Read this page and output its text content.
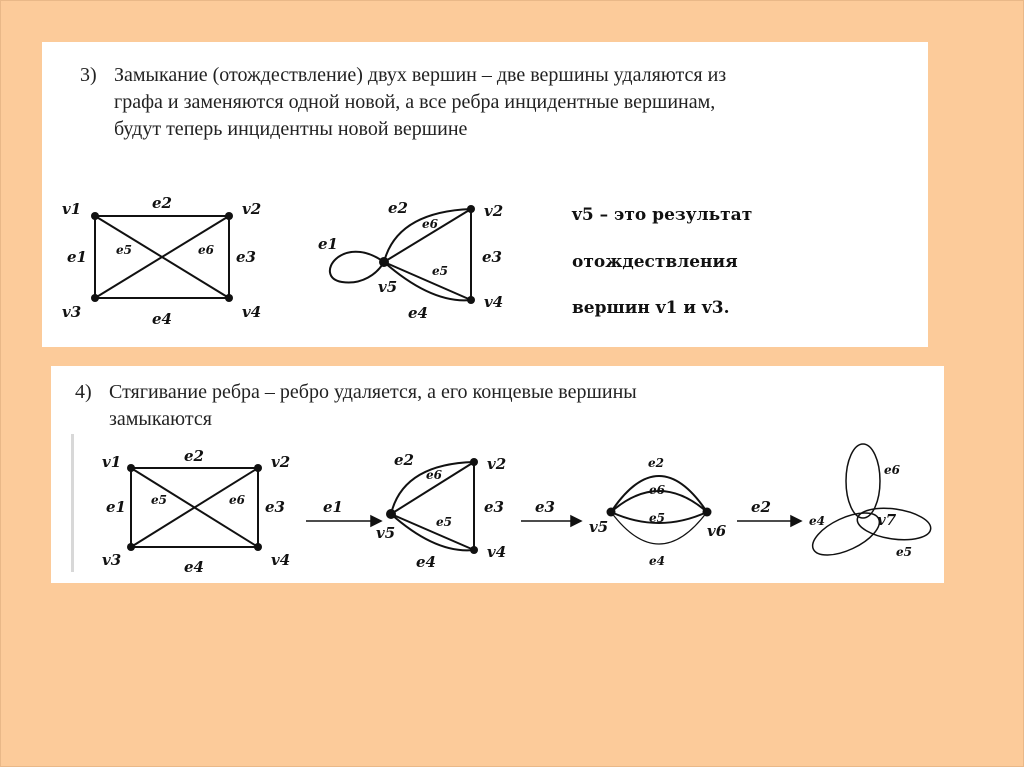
3) Замыкание (отождествление) двух вершин – две вершины удаляются из
графа и заменяются одной новой, а все ребра инцидентные вершинам,
будут теперь инцидентны новой вершине
v1	v2
v3	v4
e1
e2
e3
e4
e5	e6
v5
v2
v4
e1
e2
e6
e3
e5
e4
v5 – это результат
отождествления
вершин v1 и v3.
4) Стягивание ребра – ребро удаляется, а его концевые вершины
замыкаются
v1	v2
v3	v4
e1
e2
e3
e4
e5	e6	e1
v5
v2
v4
e2
e6
e3
e5
e4
e3
v5	v6
e2
e6
e5
e4
e2
e6
v7
e4
e5
